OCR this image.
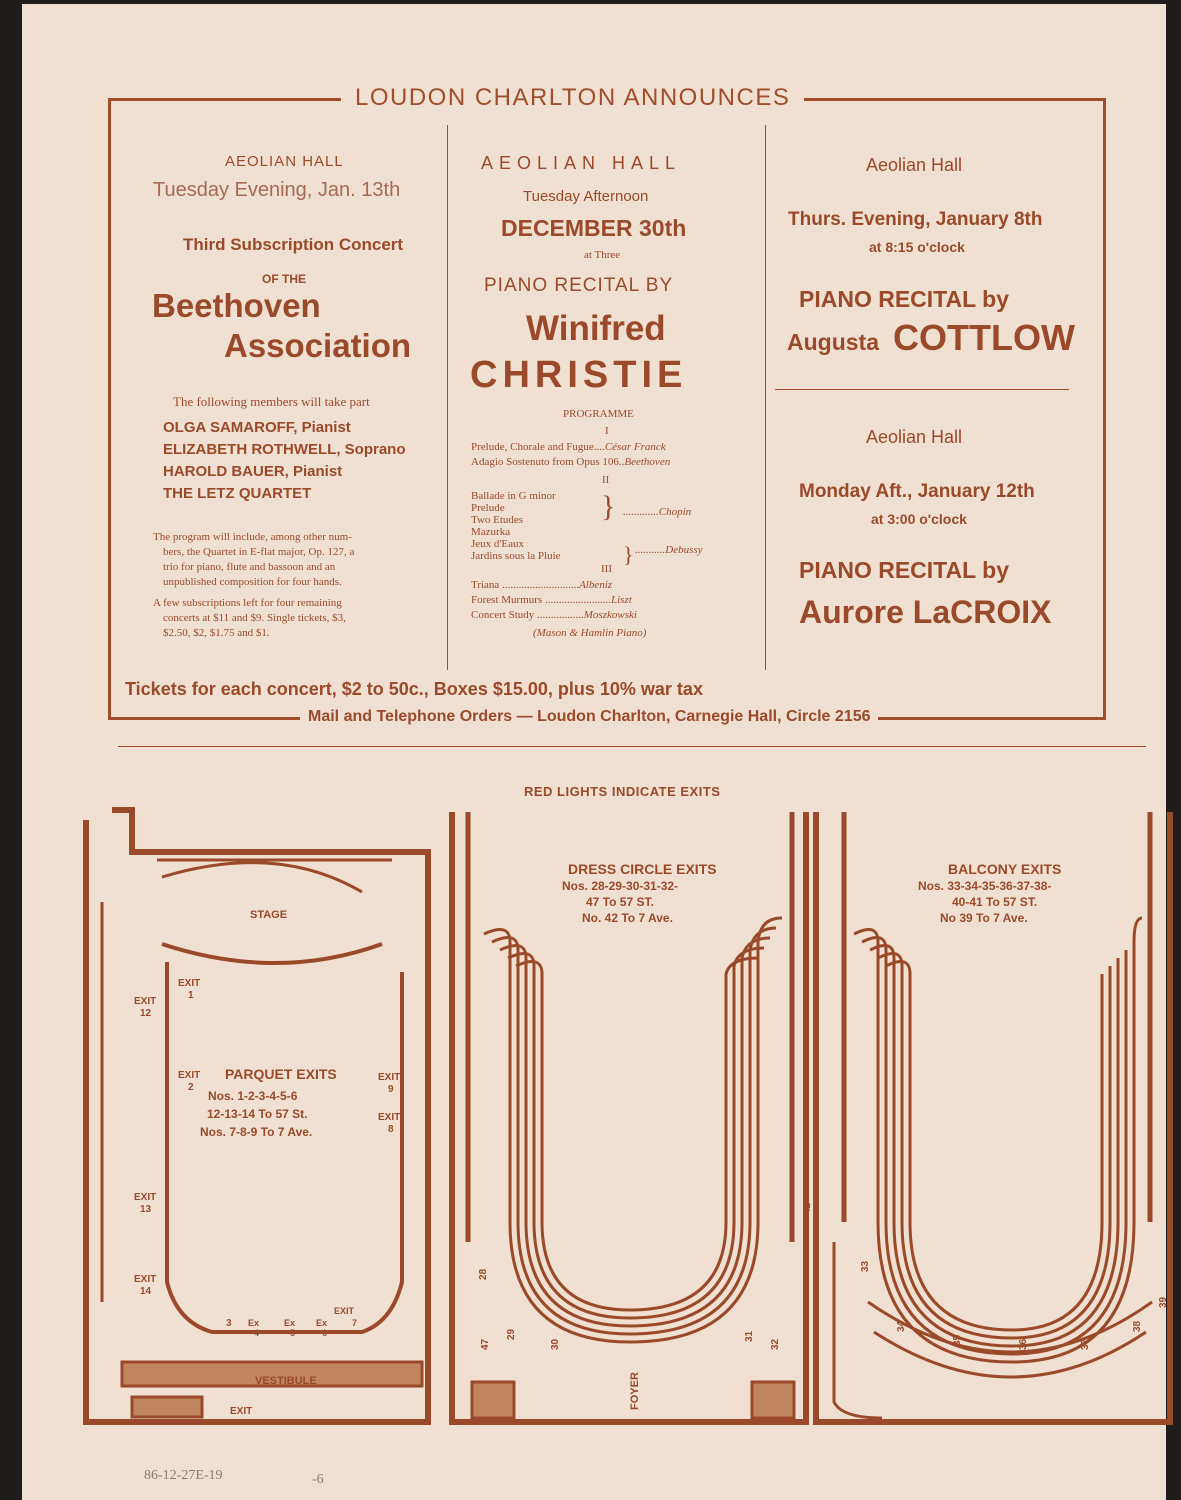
LOUDON CHARLTON ANNOUNCES
AEOLIAN HALL
Tuesday Evening, Jan. 13th
Third Subscription Concert
OF THE
Beethoven
Association
The following members will take part
OLGA SAMAROFF, Pianist
ELIZABETH ROTHWELL, Soprano
HAROLD BAUER, Pianist
THE LETZ QUARTET
The program will include, among other num-
bers, the Quartet in E-flat major, Op. 127, a
trio for piano, flute and bassoon and an
unpublished composition for four hands.
A few subscriptions left for four remaining
concerts at $11 and $9. Single tickets, $3,
$2.50, $2, $1.75 and $1.
AEOLIAN HALL
Tuesday Afternoon
DECEMBER 30th
at Three
PIANO RECITAL BY
Winifred
CHRISTIE
PROGRAMME
I
Prelude, Chorale and Fugue....César Franck
Adagio Sostenuto from Opus 106..Beethoven
II
Ballade in G minor
Prelude
Two Etudes
Mazurka
} .............Chopin
Jeux d'Eaux
Jardins sous la Pluie	} ...........Debussy
III
Triana ............................Albeniz
Forest Murmurs ........................Liszt
Concert Study .................Moszkowski
(Mason & Hamlin Piano)
Aeolian Hall
Thurs. Evening, January 8th
at 8:15 o'clock
PIANO RECITAL by
Augusta COTTLOW
Aeolian Hall
Monday Aft., January 12th
at 3:00 o'clock
PIANO RECITAL by
Aurore LaCROIX
Tickets for each concert, $2 to 50c., Boxes $15.00, plus 10% war tax
Mail and Telephone Orders — Loudon Charlton, Carnegie Hall, Circle 2156
RED LIGHTS INDICATE EXITS
STAGE
VESTIBULE
PARQUET EXITS
Nos. 1-2-3-4-5-6
12-13-14 To 57 St.
Nos. 7-8-9 To 7 Ave.
EXIT
1
EXIT
2
EXIT
12
EXIT
13
EXIT
14
EXIT
9
EXIT
8
EXIT
3 Ex
4
Ex
5
Ex
6
EXIT
7
DRESS CIRCLE EXITS
Nos. 28-29-30-31-32-
47 To 57 ST.
No. 42 To 7 Ave.
FOYER
28
29
30
31
32
42
47
BALCONY EXITS
Nos. 33-34-35-36-37-38-
40-41 To 57 ST.
No 39 To 7 Ave.
33
34
35	36	37
38
39
86-12-27E-19	-6
